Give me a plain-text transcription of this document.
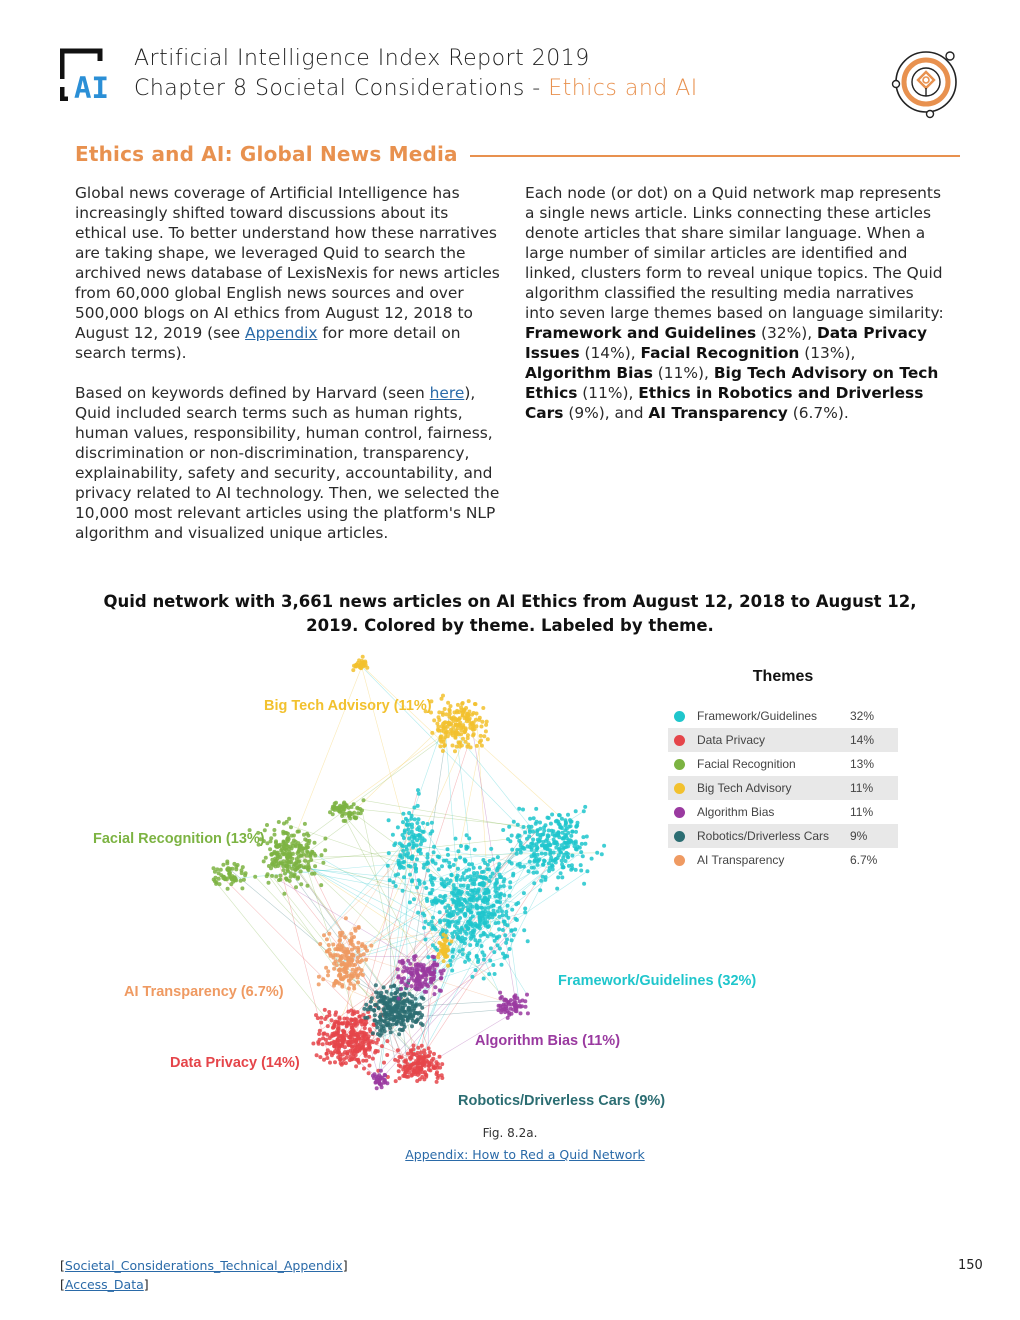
AI
Artificial Intelligence Index Report 2019
Chapter 8 Societal Considerations - Ethics and AI
Ethics and AI: Global News Media

Global news coverage of Artificial Intelligence has increasingly shifted toward discussions about its ethical use. To better understand how these narratives are taking shape, we leveraged Quid to search the archived news database of LexisNexis for news articles from 60,000 global English news sources and over 500,000 blogs on AI ethics from August 12, 2018 to August 12, 2019 (see Appendix for more detail on search terms).

Based on keywords defined by Harvard (seen here), Quid included search terms such as human rights, human values, responsibility, human control, fairness, discrimination or non-discrimination, transparency, explainability, safety and security, accountability, and privacy related to AI technology. Then, we selected the 10,000 most relevant articles using the platform's NLP algorithm and visualized unique articles.

Each node (or dot) on a Quid network map represents a single news article. Links connecting these articles denote articles that share similar language. When a large number of similar articles are identified and linked, clusters form to reveal unique topics. The Quid algorithm classified the resulting media narratives into seven large themes based on language similarity: Framework and Guidelines (32%), Data Privacy Issues (14%), Facial Recognition (13%), Algorithm Bias (11%), Big Tech Advisory on Tech Ethics (11%), Ethics in Robotics and Driverless Cars (9%), and AI Transparency (6.7%).

Quid network with 3,661 news articles on AI Ethics from August 12, 2018 to August 12, 2019. Colored by theme. Labeled by theme.
Big Tech Advisory (11%)
Facial Recognition (13%)
AI Transparency (6.7%)
Framework/Guidelines (32%)
Algorithm Bias (11%)
Data Privacy (14%)
Robotics/Driverless Cars (9%)
Themes
Framework/Guidelines	32%
Data Privacy	14%
Facial Recognition	13%
Big Tech Advisory	11%
Algorithm Bias	11%
Robotics/Driverless Cars	9%
AI Transparency	6.7%
Fig. 8.2a.
Appendix: How to Red a Quid Network
[Societal_Considerations_Technical_Appendix]
[Access_Data]
150
